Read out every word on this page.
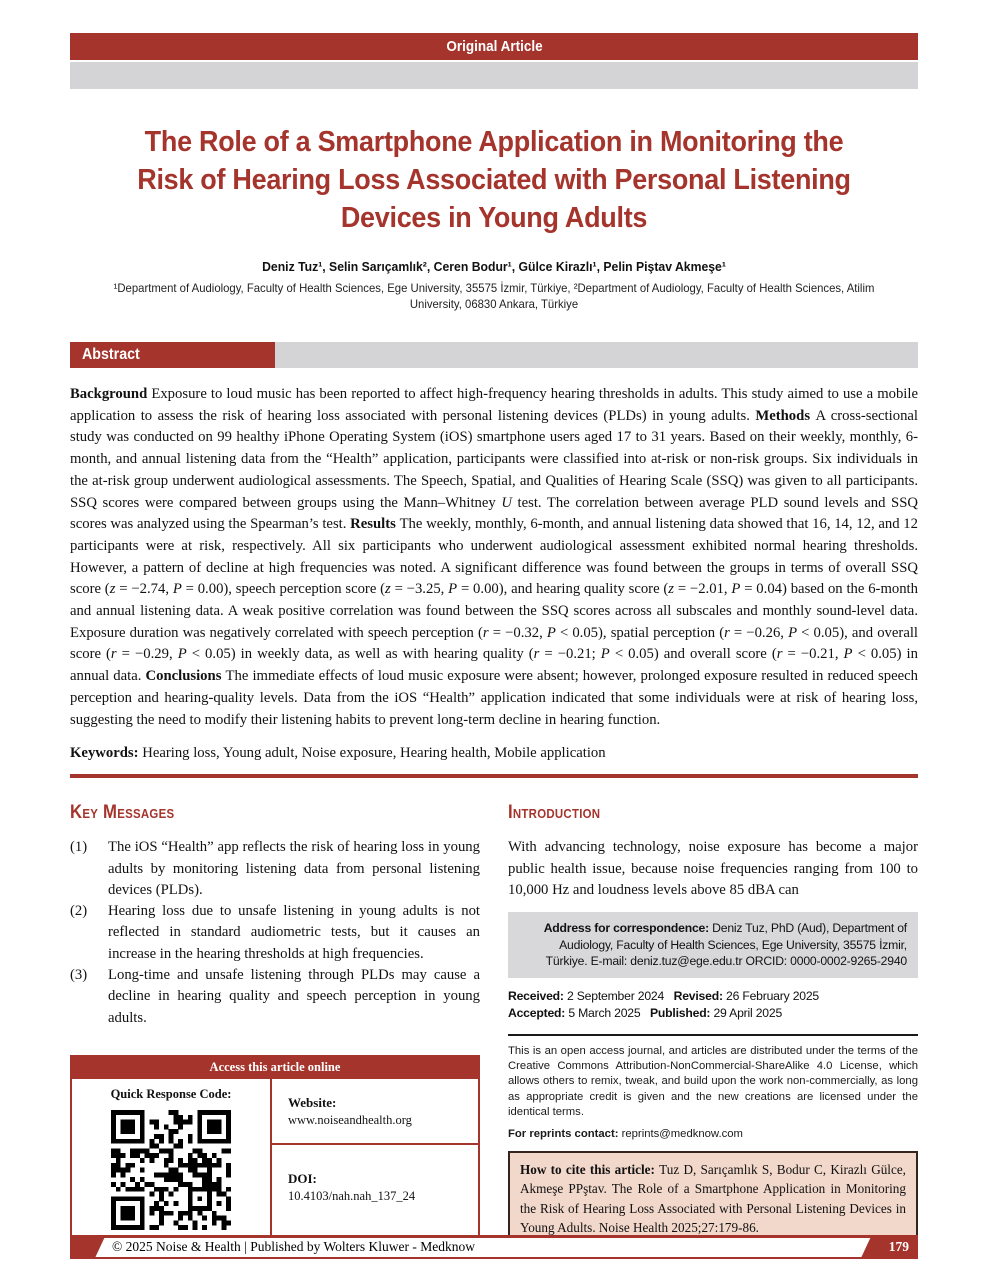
Original Article
The Role of a Smartphone Application in Monitoring the Risk of Hearing Loss Associated with Personal Listening Devices in Young Adults
Deniz Tuz¹, Selin Sarıçamlık², Ceren Bodur¹, Gülce Kirazlı¹, Pelin Piştav Akmeşe¹
¹Department of Audiology, Faculty of Health Sciences, Ege University, 35575 İzmir, Türkiye, ²Department of Audiology, Faculty of Health Sciences, Atilim University, 06830 Ankara, Türkiye
Abstract
Background Exposure to loud music has been reported to affect high-frequency hearing thresholds in adults. This study aimed to use a mobile application to assess the risk of hearing loss associated with personal listening devices (PLDs) in young adults. Methods A cross-sectional study was conducted on 99 healthy iPhone Operating System (iOS) smartphone users aged 17 to 31 years. Based on their weekly, monthly, 6-month, and annual listening data from the “Health” application, participants were classified into at-risk or non-risk groups. Six individuals in the at-risk group underwent audiological assessments. The Speech, Spatial, and Qualities of Hearing Scale (SSQ) was given to all participants. SSQ scores were compared between groups using the Mann–Whitney U test. The correlation between average PLD sound levels and SSQ scores was analyzed using the Spearman’s test. Results The weekly, monthly, 6-month, and annual listening data showed that 16, 14, 12, and 12 participants were at risk, respectively. All six participants who underwent audiological assessment exhibited normal hearing thresholds. However, a pattern of decline at high frequencies was noted. A significant difference was found between the groups in terms of overall SSQ score (z = −2.74, P = 0.00), speech perception score (z = −3.25, P = 0.00), and hearing quality score (z = −2.01, P = 0.04) based on the 6-month and annual listening data. A weak positive correlation was found between the SSQ scores across all subscales and monthly sound-level data. Exposure duration was negatively correlated with speech perception (r = −0.32, P < 0.05), spatial perception (r = −0.26, P < 0.05), and overall score (r = −0.29, P < 0.05) in weekly data, as well as with hearing quality (r = −0.21; P < 0.05) and overall score (r = −0.21, P < 0.05) in annual data. Conclusions The immediate effects of loud music exposure were absent; however, prolonged exposure resulted in reduced speech perception and hearing-quality levels. Data from the iOS “Health” application indicated that some individuals were at risk of hearing loss, suggesting the need to modify their listening habits to prevent long-term decline in hearing function.
Keywords: Hearing loss, Young adult, Noise exposure, Hearing health, Mobile application
Key Messages
(1)	The iOS “Health” app reflects the risk of hearing loss in young adults by monitoring listening data from personal listening devices (PLDs).
(2)	Hearing loss due to unsafe listening in young adults is not reflected in standard audiometric tests, but it causes an increase in the hearing thresholds at high frequencies.
(3)	Long-time and unsafe listening through PLDs may cause a decline in hearing quality and speech perception in young adults.
Access this article online
Quick Response Code:
Website:
www.noiseandhealth.org
DOI:
10.4103/nah.nah_137_24
Introduction
With advancing technology, noise exposure has become a major public health issue, because noise frequencies ranging from 100 to 10,000 Hz and loudness levels above 85 dBA can
Address for correspondence: Deniz Tuz, PhD (Aud), Department of Audiology, Faculty of Health Sciences, Ege University, 35575 İzmir, Türkiye. E-mail: deniz.tuz@ege.edu.tr ORCID: 0000-0002-9265-2940
Received: 2 September 2024   Revised: 26 February 2025
Accepted: 5 March 2025   Published: 29 April 2025
This is an open access journal, and articles are distributed under the terms of the Creative Commons Attribution-NonCommercial-ShareAlike 4.0 License, which allows others to remix, tweak, and build upon the work non-commercially, as long as appropriate credit is given and the new creations are licensed under the identical terms.
For reprints contact: reprints@medknow.com
How to cite this article: Tuz D, Sarıçamlık S, Bodur C, Kirazlı Gülce, Akmeşe PPştav. The Role of a Smartphone Application in Monitoring the Risk of Hearing Loss Associated with Personal Listening Devices in Young Adults. Noise Health 2025;27:179-86.
© 2025 Noise & Health | Published by Wolters Kluwer - Medknow	179
